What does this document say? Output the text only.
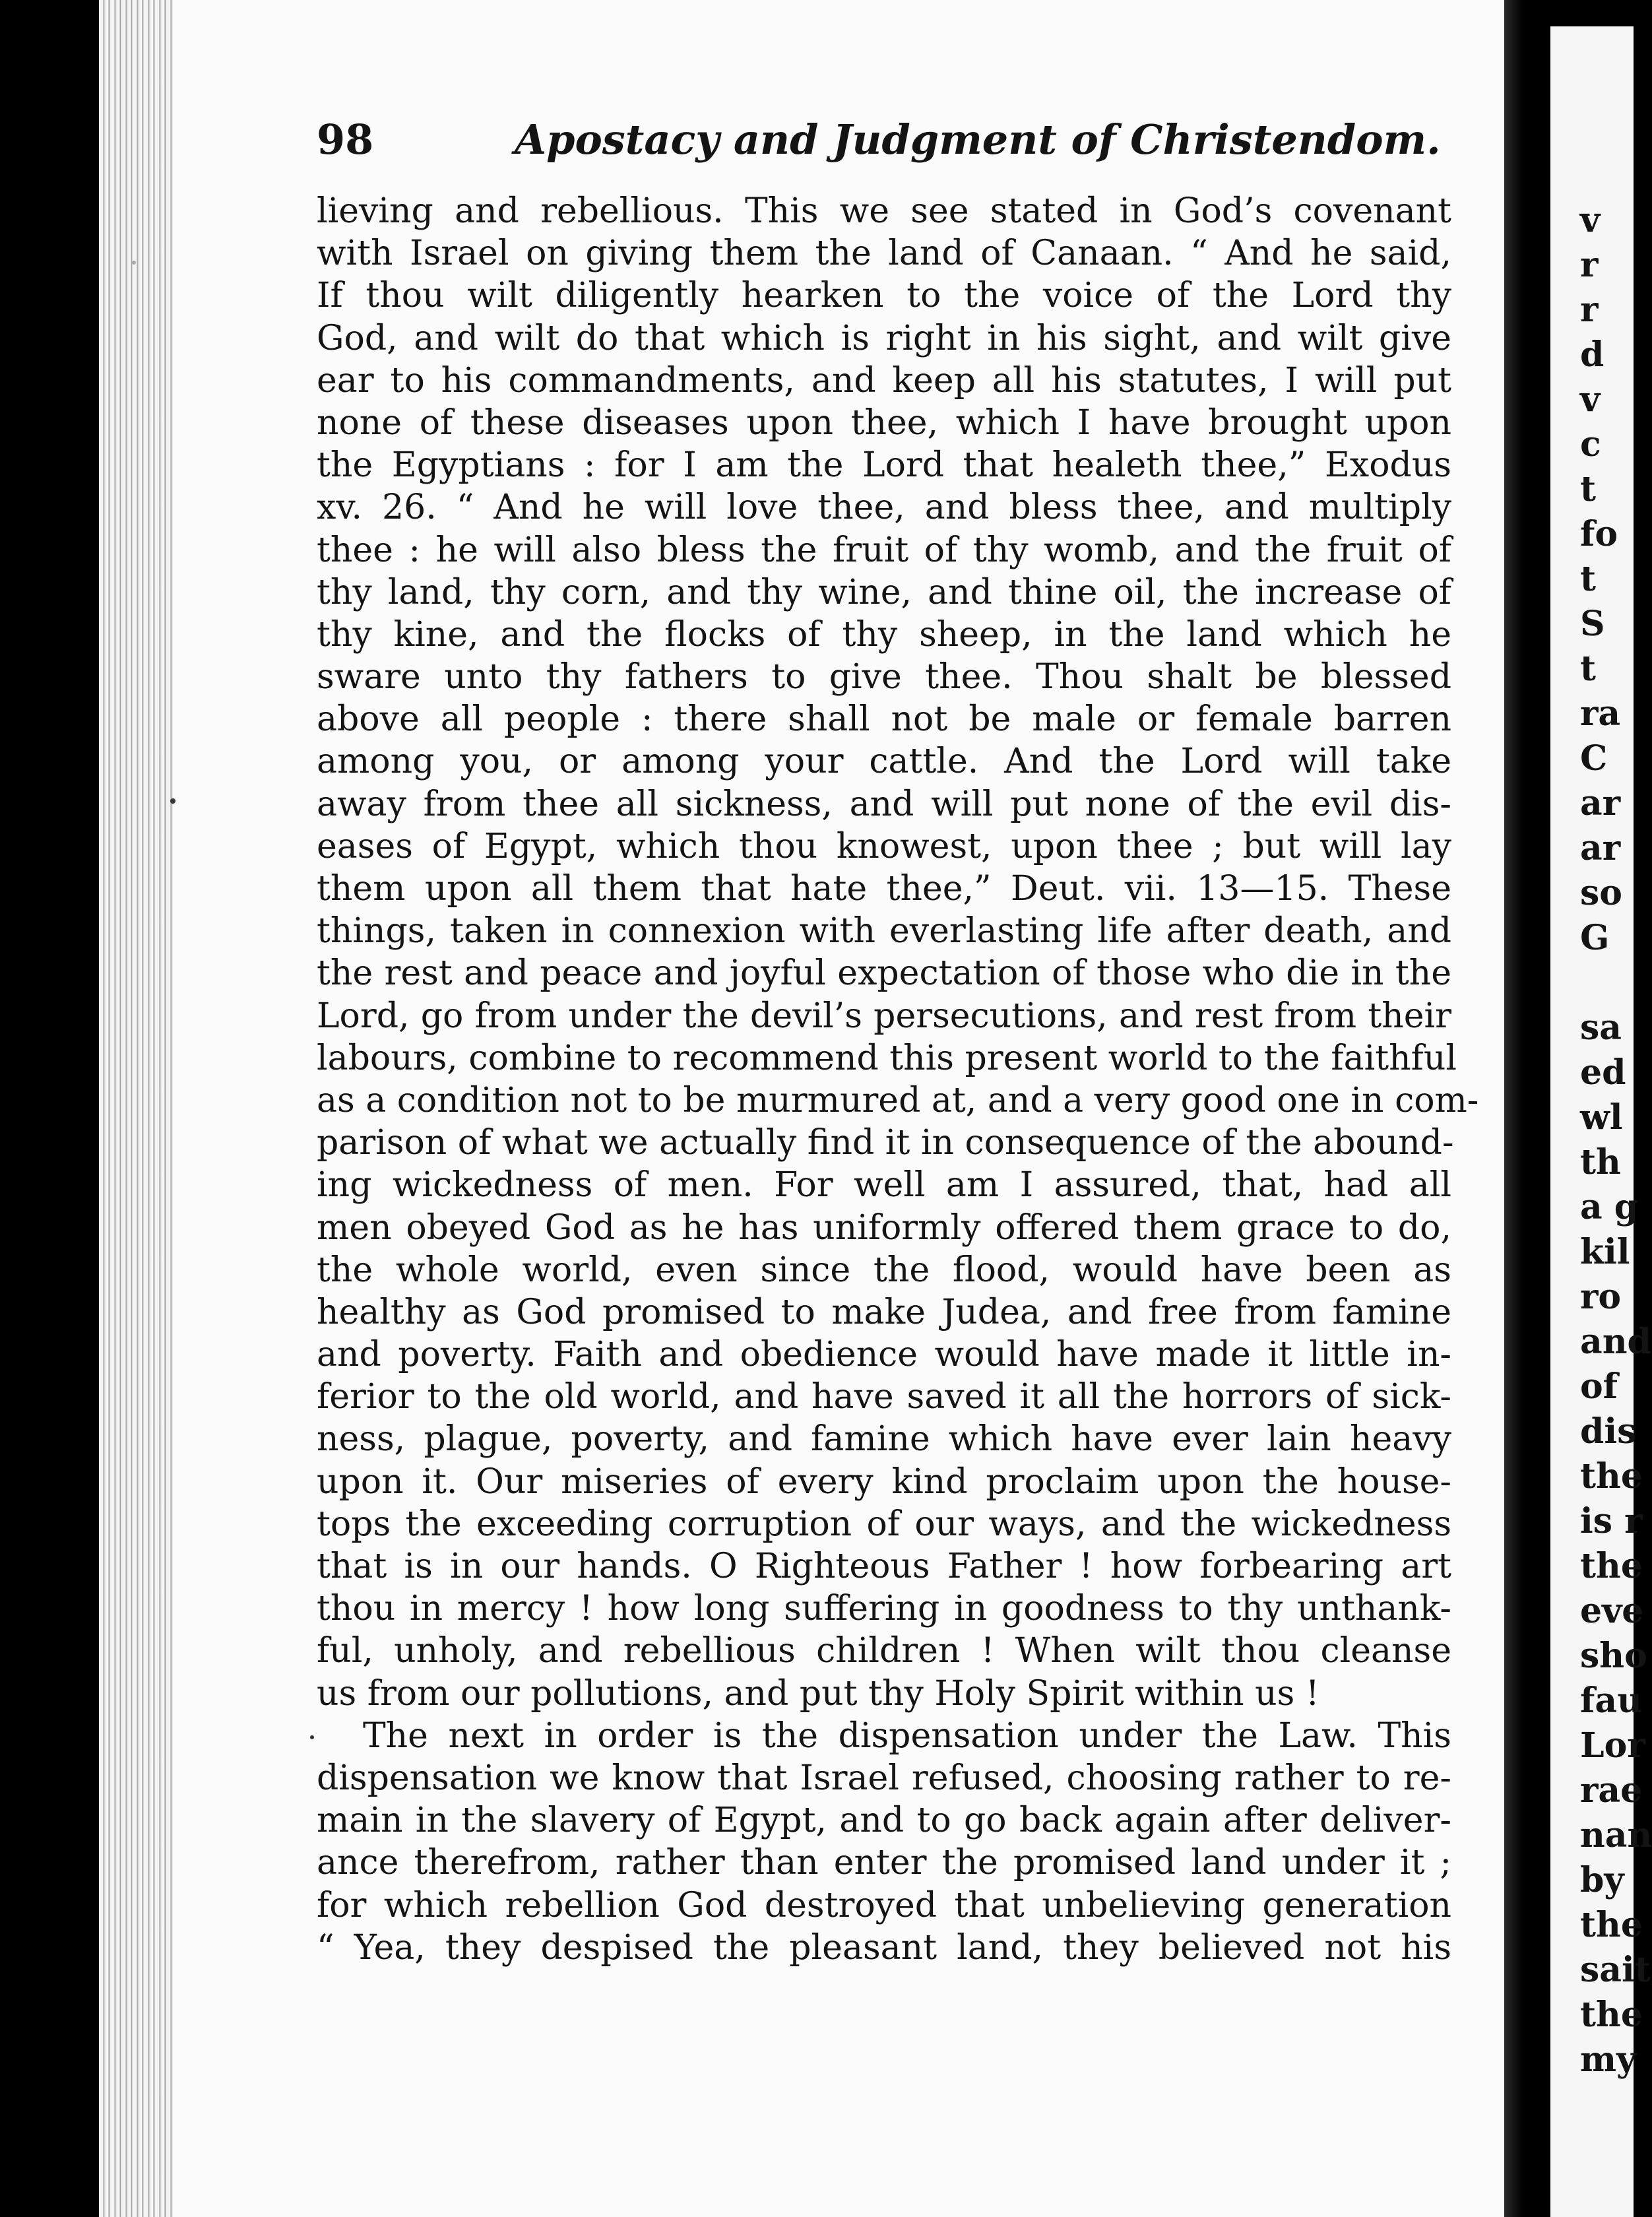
98	Apostacy and Judgment of Christendom.
lieving and rebellious. This we see stated in God’s covenant
with Israel on giving them the land of Canaan. “ And he said,
If thou wilt diligently hearken to the voice of the Lord thy
God, and wilt do that which is right in his sight, and wilt give
ear to his commandments, and keep all his statutes, I will put
none of these diseases upon thee, which I have brought upon
the Egyptians : for I am the Lord that healeth thee,” Exodus
xv. 26. “ And he will love thee, and bless thee, and multiply
thee : he will also bless the fruit of thy womb, and the fruit of
thy land, thy corn, and thy wine, and thine oil, the increase of
thy kine, and the flocks of thy sheep, in the land which he
sware unto thy fathers to give thee. Thou shalt be blessed
above all people : there shall not be male or female barren
among you, or among your cattle. And the Lord will take
away from thee all sickness, and will put none of the evil dis-
eases of Egypt, which thou knowest, upon thee ; but will lay
them upon all them that hate thee,” Deut. vii. 13—15. These
things, taken in connexion with everlasting life after death, and
the rest and peace and joyful expectation of those who die in the
Lord, go from under the devil’s persecutions, and rest from their
labours, combine to recommend this present world to the faithful
as a condition not to be murmured at, and a very good one in com-
parison of what we actually find it in consequence of the abound-
ing wickedness of men. For well am I assured, that, had all
men obeyed God as he has uniformly offered them grace to do,
the whole world, even since the flood, would have been as
healthy as God promised to make Judea, and free from famine
and poverty. Faith and obedience would have made it little in-
ferior to the old world, and have saved it all the horrors of sick-
ness, plague, poverty, and famine which have ever lain heavy
upon it. Our miseries of every kind proclaim upon the house-
tops the exceeding corruption of our ways, and the wickedness
that is in our hands. O Righteous Father ! how forbearing art
thou in mercy ! how long suffering in goodness to thy unthank-
ful, unholy, and rebellious children ! When wilt thou cleanse
us from our pollutions, and put thy Holy Spirit within us !
The next in order is the dispensation under the Law. This
dispensation we know that Israel refused, choosing rather to re-
main in the slavery of Egypt, and to go back again after deliver-
ance therefrom, rather than enter the promised land under it ;
for which rebellion God destroyed that unbelieving generation
“ Yea, they despised the pleasant land, they believed not his
v
r
r
d
v
c
t
fo
t
S
t
ra
C
ar
ar
so
G
sa
ed
wl
th
a g
kil
ro
and
of
dis
the
is r
the
eve
sho
fau
Lor
rae
nan
by
the
sait
the
my
